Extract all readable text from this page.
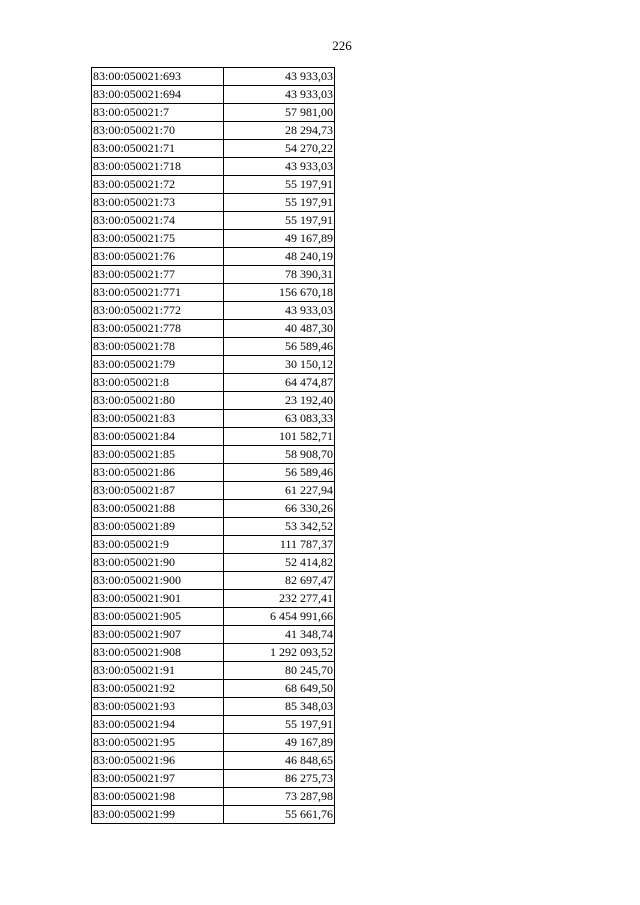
226
83:00:050021:693	43 933,03
83:00:050021:694	43 933,03
83:00:050021:7	57 981,00
83:00:050021:70	28 294,73
83:00:050021:71	54 270,22
83:00:050021:718	43 933,03
83:00:050021:72	55 197,91
83:00:050021:73	55 197,91
83:00:050021:74	55 197,91
83:00:050021:75	49 167,89
83:00:050021:76	48 240,19
83:00:050021:77	78 390,31
83:00:050021:771	156 670,18
83:00:050021:772	43 933,03
83:00:050021:778	40 487,30
83:00:050021:78	56 589,46
83:00:050021:79	30 150,12
83:00:050021:8	64 474,87
83:00:050021:80	23 192,40
83:00:050021:83	63 083,33
83:00:050021:84	101 582,71
83:00:050021:85	58 908,70
83:00:050021:86	56 589,46
83:00:050021:87	61 227,94
83:00:050021:88	66 330,26
83:00:050021:89	53 342,52
83:00:050021:9	111 787,37
83:00:050021:90	52 414,82
83:00:050021:900	82 697,47
83:00:050021:901	232 277,41
83:00:050021:905	6 454 991,66
83:00:050021:907	41 348,74
83:00:050021:908	1 292 093,52
83:00:050021:91	80 245,70
83:00:050021:92	68 649,50
83:00:050021:93	85 348,03
83:00:050021:94	55 197,91
83:00:050021:95	49 167,89
83:00:050021:96	46 848,65
83:00:050021:97	86 275,73
83:00:050021:98	73 287,98
83:00:050021:99	55 661,76
